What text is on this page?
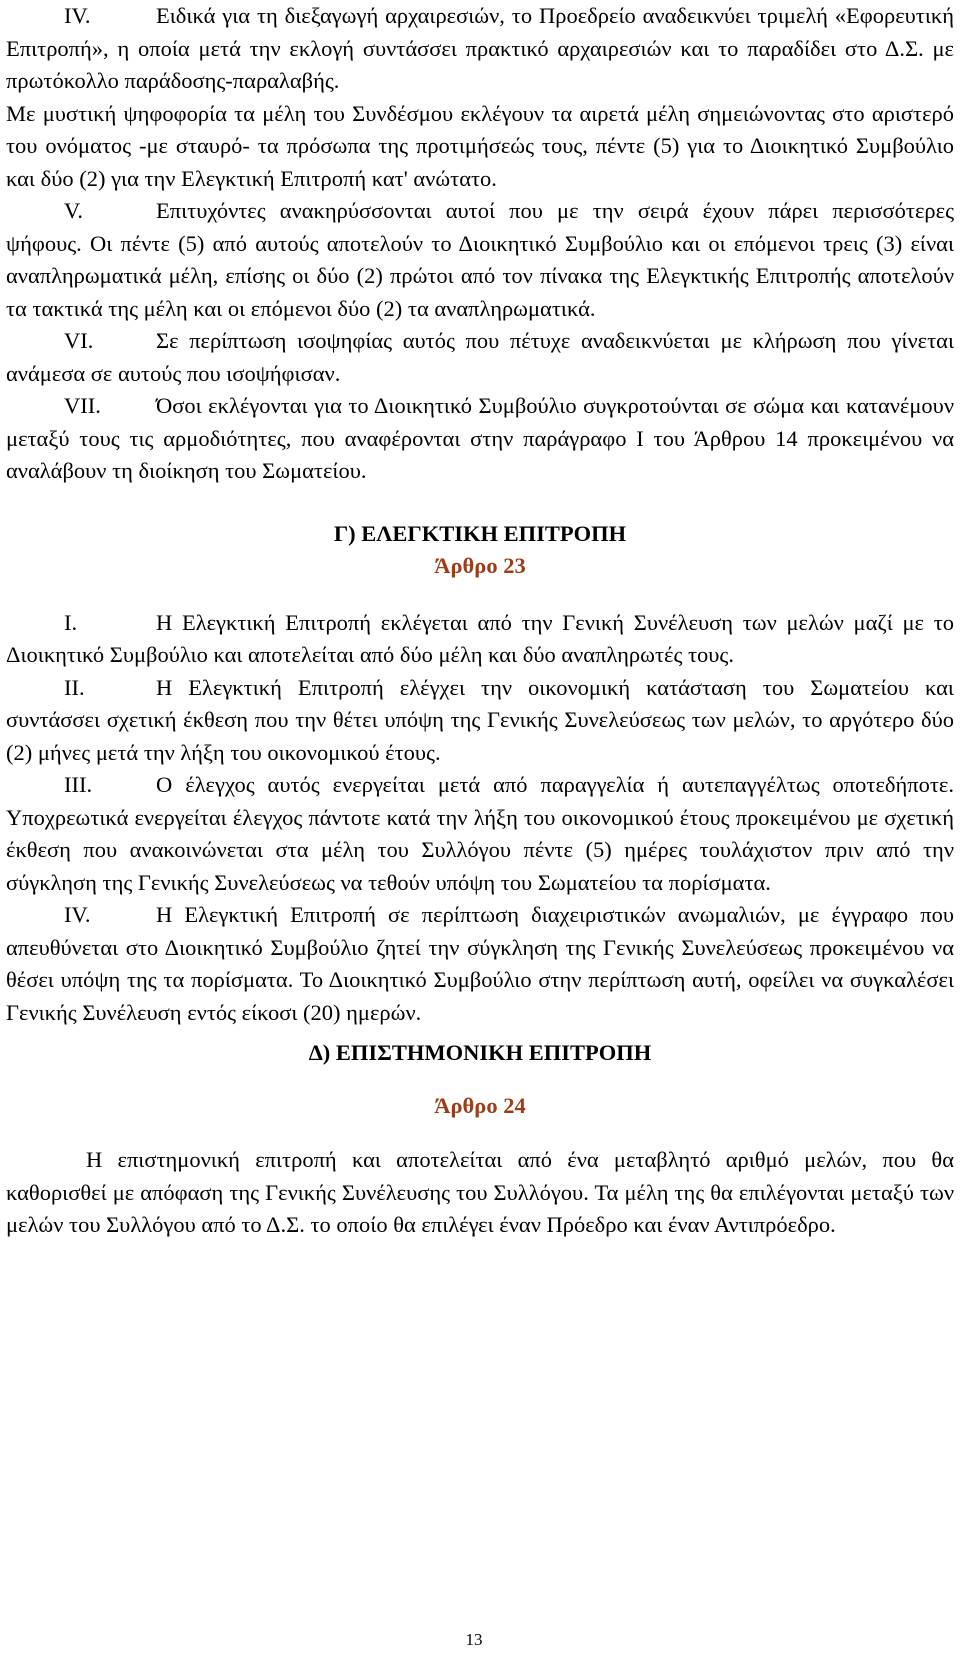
IV.	Ειδικά για τη διεξαγωγή αρχαιρεσιών, το Προεδρείο αναδεικνύει τριμελή «Εφορευτική Επιτροπή», η οποία μετά την εκλογή συντάσσει πρακτικό αρχαιρεσιών και το παραδίδει στο Δ.Σ. με πρωτόκολλο παράδοσης-παραλαβής.

Με μυστική ψηφοφορία τα μέλη του Συνδέσμου εκλέγουν τα αιρετά μέλη σημειώνοντας στο αριστερό του ονόματος -με σταυρό- τα πρόσωπα της προτιμήσεώς τους, πέντε (5) για το Διοικητικό Συμβούλιο και δύο (2) για την Ελεγκτική Επιτροπή κατ' ανώτατο.

V.	Επιτυχόντες ανακηρύσσονται αυτοί που με την σειρά έχουν πάρει περισσότερες ψήφους. Οι πέντε (5) από αυτούς αποτελούν το Διοικητικό Συμβούλιο και οι επόμενοι τρεις (3) είναι αναπληρωματικά μέλη, επίσης οι δύο (2) πρώτοι από τον πίνακα της Ελεγκτικής Επιτροπής αποτελούν τα τακτικά της μέλη και οι επόμενοι δύο (2) τα αναπληρωματικά.

VI.	Σε περίπτωση ισοψηφίας αυτός που πέτυχε αναδεικνύεται με κλήρωση που γίνεται ανάμεσα σε αυτούς που ισοψήφισαν.

VII. Όσοι εκλέγονται για το Διοικητικό Συμβούλιο συγκροτούνται σε σώμα και κατανέμουν μεταξύ τους τις αρμοδιότητες, που αναφέρονται στην παράγραφο Ι του Άρθρου 14 προκειμένου να αναλάβουν τη διοίκηση του Σωματείου.

Γ) ΕΛΕΓΚΤΙΚΗ ΕΠΙΤΡΟΠΗ

Άρθρο 23

I.	Η Ελεγκτική Επιτροπή εκλέγεται από την Γενική Συνέλευση των μελών μαζί με το Διοικητικό Συμβούλιο και αποτελείται από δύο μέλη και δύο αναπληρωτές τους.

II.	Η Ελεγκτική Επιτροπή ελέγχει την οικονομική κατάσταση του Σωματείου και συντάσσει σχετική έκθεση που την θέτει υπόψη της Γενικής Συνελεύσεως των μελών, το αργότερο δύο (2) μήνες μετά την λήξη του οικονομικού έτους.

III.	Ο έλεγχος αυτός ενεργείται μετά από παραγγελία ή αυτεπαγγέλτως οποτεδήποτε. Υποχρεωτικά ενεργείται έλεγχος πάντοτε κατά την λήξη του οικονομικού έτους προκειμένου με σχετική έκθεση που ανακοινώνεται στα μέλη του Συλλόγου πέντε (5) ημέρες τουλάχιστον πριν από την σύγκληση της Γενικής Συνελεύσεως να τεθούν υπόψη του Σωματείου τα πορίσματα.

IV.	Η Ελεγκτική Επιτροπή σε περίπτωση διαχειριστικών ανωμαλιών, με έγγραφο που απευθύνεται στο Διοικητικό Συμβούλιο ζητεί την σύγκληση της Γενικής Συνελεύσεως προκειμένου να θέσει υπόψη της τα πορίσματα. Το Διοικητικό Συμβούλιο στην περίπτωση αυτή, οφείλει να συγκαλέσει Γενικής Συνέλευση εντός είκοσι (20) ημερών.

Δ) ΕΠΙΣΤΗΜΟΝΙΚΗ ΕΠΙΤΡΟΠΗ

Άρθρο 24

Η επιστημονική επιτροπή και αποτελείται από ένα μεταβλητό αριθμό μελών, που θα καθορισθεί με απόφαση της Γενικής Συνέλευσης του Συλλόγου. Τα μέλη της θα επιλέγονται μεταξύ των μελών του Συλλόγου από το Δ.Σ. το οποίο θα επιλέγει έναν Πρόεδρο και έναν Αντιπρόεδρο.

13
